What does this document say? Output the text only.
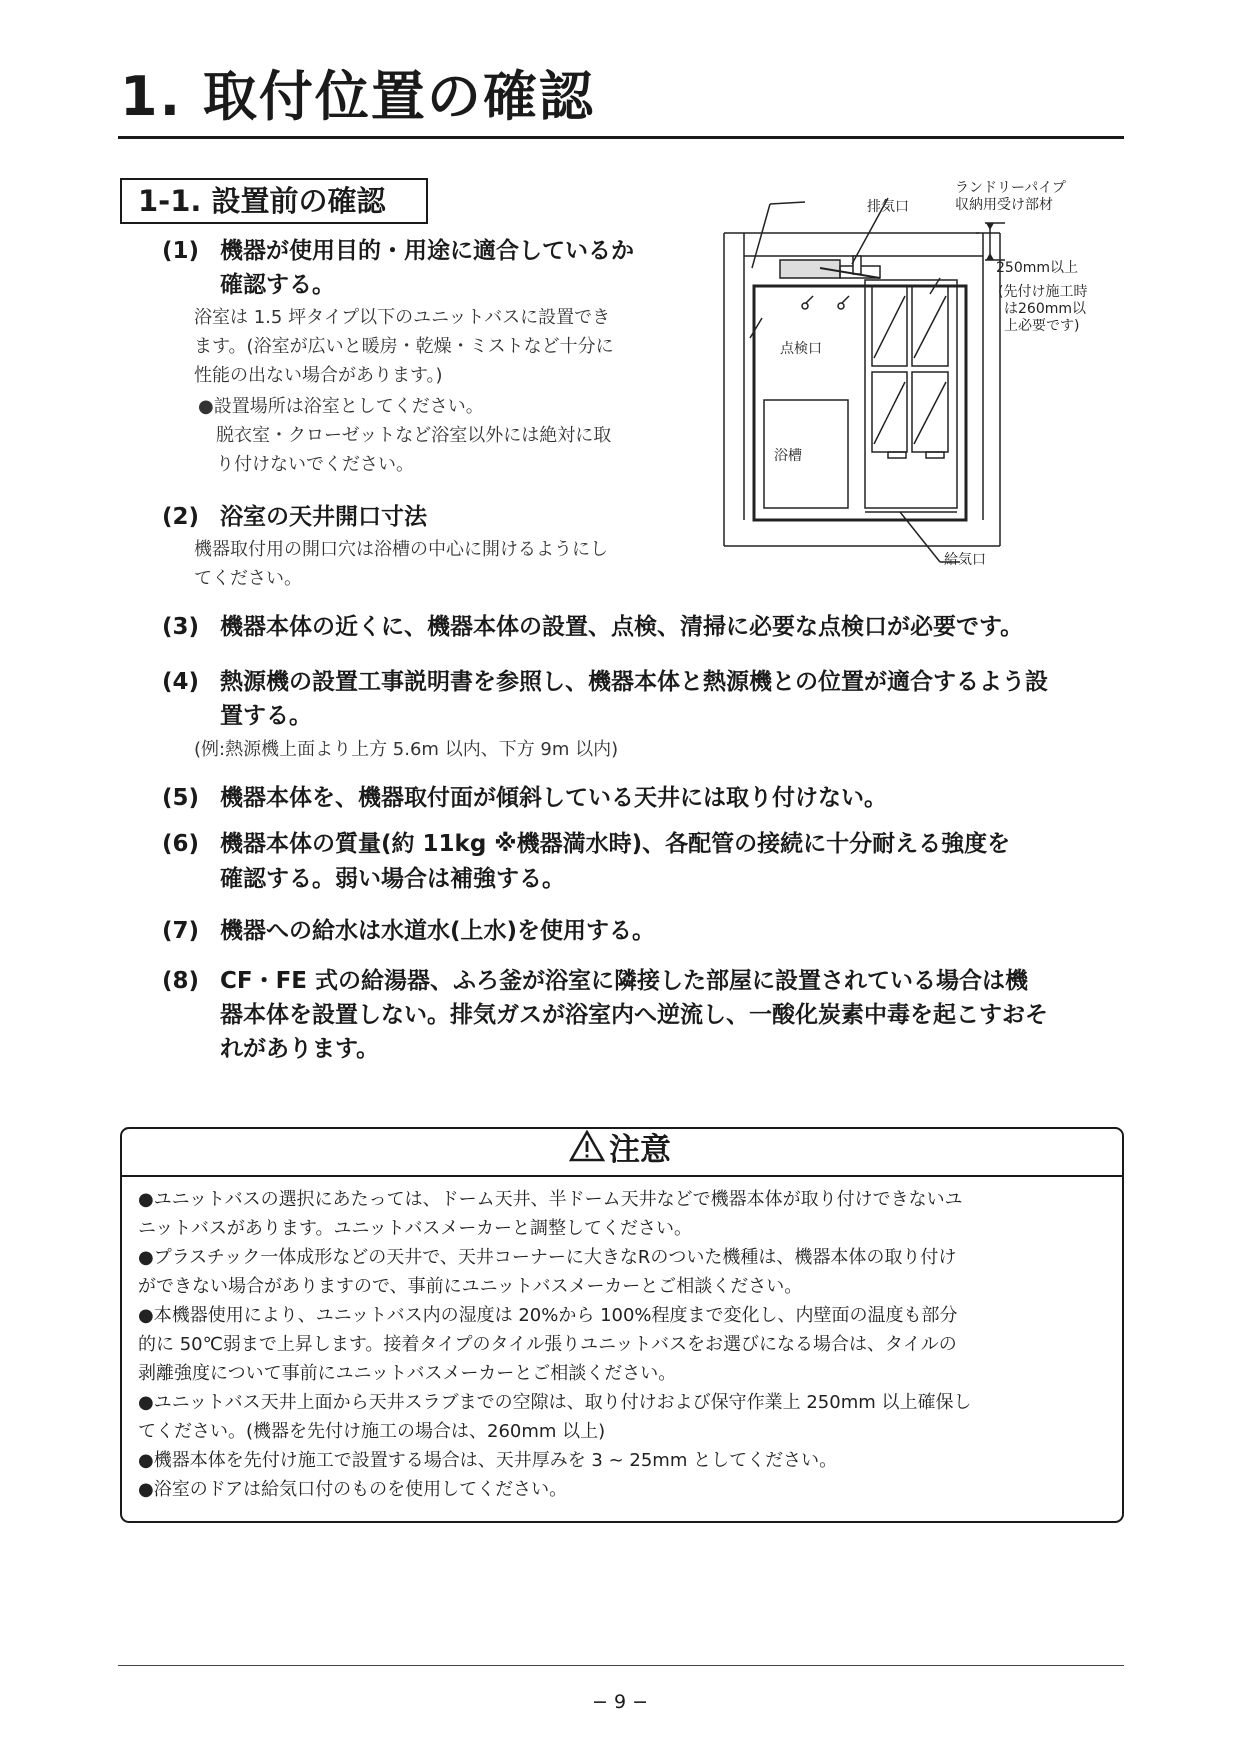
1. 取付位置の確認
1-1. 設置前の確認
(1) 機器が使用目的・用途に適合しているか
確認する。
浴室は 1.5 坪タイプ以下のユニットバスに設置でき
ます。(浴室が広いと暖房・乾燥・ミストなど十分に
性能の出ない場合があります。)
●設置場所は浴室としてください。
脱衣室・クローゼットなど浴室以外には絶対に取
り付けないでください。
(2) 浴室の天井開口寸法
機器取付用の開口穴は浴槽の中心に開けるようにし
てください。
(3) 機器本体の近くに、機器本体の設置、点検、清掃に必要な点検口が必要です。
(4) 熱源機の設置工事説明書を参照し、機器本体と熱源機との位置が適合するよう設
置する。
(例:熱源機上面より上方 5.6m 以内、下方 9m 以内)
(5) 機器本体を、機器取付面が傾斜している天井には取り付けない。
(6) 機器本体の質量(約 11kg ※機器満水時)、各配管の接続に十分耐える強度を
確認する。弱い場合は補強する。
(7) 機器への給水は水道水(上水)を使用する。
(8) CF・FE 式の給湯器、ふろ釜が浴室に隣接した部屋に設置されている場合は機
器本体を設置しない。排気ガスが浴室内へ逆流し、一酸化炭素中毒を起こすおそ
れがあります。
排気口
ランドリーパイプ
収納用受け部材
250mm以上
(先付け施工時
は260mm以
上必要です)
点検口
浴槽
給気口
注意
●ユニットバスの選択にあたっては、ドーム天井、半ドーム天井などで機器本体が取り付けできないユ
ニットバスがあります。ユニットバスメーカーと調整してください。
●プラスチック一体成形などの天井で、天井コーナーに大きなRのついた機種は、機器本体の取り付け
ができない場合がありますので、事前にユニットバスメーカーとご相談ください。
●本機器使用により、ユニットバス内の湿度は 20%から 100%程度まで変化し、内壁面の温度も部分
的に 50℃弱まで上昇します。接着タイプのタイル張りユニットバスをお選びになる場合は、タイルの
剥離強度について事前にユニットバスメーカーとご相談ください。
●ユニットバス天井上面から天井スラブまでの空隙は、取り付けおよび保守作業上 250mm 以上確保し
てください。(機器を先付け施工の場合は、260mm 以上)
●機器本体を先付け施工で設置する場合は、天井厚みを 3 ~ 25mm としてください。
●浴室のドアは給気口付のものを使用してください。
− 9 −
